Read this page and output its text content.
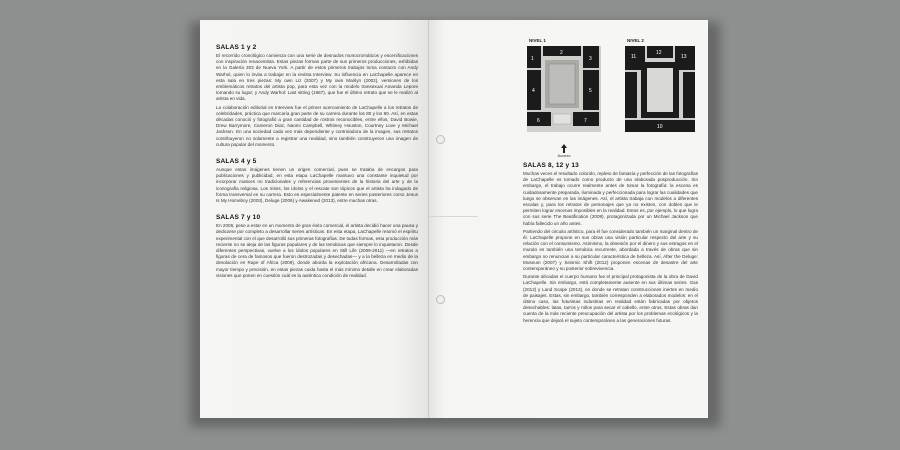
SALAS 1 y 2

El recorrido cronológico comienza con una serie de desnudos monocromáticos y escenificaciones con inspiración renacentista. Estas piezas forman parte de sus primeros producciones, exhibidas en la Galería 303 de Nueva York. A partir de estos primeros trabajos toma contacto con Andy Warhol, quien lo invita a trabajar en la revista Interview. Su influencia en LaChapelle aparece en esta sala en tres piezas: My own Liz (2007) y My own Marilyn (2002), versiones de los emblemáticos retratos del artista pop, para esta vez con la modelo transexual Amanda Lepore tomando su lugar; y Andy Warhol: Last sitting (1987), que fue el último retrato que se le realizó al artista en vida.

La colaboración editorial en Interview fue el primer acercamiento de LaChapelle a los retratos de celebridades, práctica que marcaría gran parte de su carrera durante los 80 y los 90. Así, en estas décadas conoció y fotografió a gran cantidad de rostros reconocibles, entre ellos, David Bowie, Drew Barrymore, Cameron Diaz, Naomi Campbell, Whitney Houston, Courtney Love y Michael Jackson. En una sociedad cada vez más dependiente y controladora de la imagen, sus retratos contribuyeron no solamente a registrar una realidad, sino también construyeron una imagen de cultura popular del momento.

SALAS 4 y 5

Aunque estas imágenes tienen un origen comercial, pues se trataba de encargos para publicaciones y publicidad, en esta etapa LaChapelle mantuvo una constante inquietud por incorporar matices no tradicionales y referencias provenientes de la historia del arte y de la iconografía religiosa. Los mitos, los ídolos y el rescate son tópicos que el artista ha indagado de forma transversal en su carrera. Esto es especialmente patente en series posteriores como Jesus Is My Homeboy (2003), Deluge (2006) y Awakened (2013), entre muchas otras.

SALAS 7 y 10

En 2006, pese a estar en un momento de gran éxito comercial, el artista decidió hacer una pausa y dedicarse por completo a desarrollar series artísticas. En esta etapa, LaChapelle retomó el espíritu experimental con el que desarrolló sus primeras fotografías. De todas formas, esta producción más reciente no se aleja de las figuras populares y de las temáticas que siempre lo inquietaron. Desde diferentes perspectivas, vuelve a los ídolos populares en Still Life (2009-2011) —en retratos a figuras de cera de famosos que fueron destrozadas y desechadas— y a la belleza en medio de la desolación en Rape of Africa (2009), donde aborda la explotación africana. Desarrolladas con mayor tiempo y precisión, en estas piezas cuida hasta el más mínimo detalle en crear elaboradas visiones que ponen en cuestión cuál es la auténtica condición de realidad.

NIVEL 1	NIVEL 2
11
12
13
10
1
2
3
4	5
6	7
Acceso
SALAS 8, 12 y 13

Muchas veces el resultado colorido, repleto de fantasía y perfección de las fotografías de LaChapelle es tomado como producto de una elaborada posproducción. Sin embargo, el trabajo ocurre realmente antes de tomar la fotografía: la escena es cuidadosamente preparada, iluminada y perfeccionada para lograr las cualidades que luego se observan en las imágenes. Así, el artista trabaja con modelos a diferentes escalas y, para los retratos de personajes que ya no existen, con dobles que le permiten lograr escenas imposibles en la realidad. Estos es, por ejemplo, lo que logra con sus serie The Beatification (2009), protagonizada por un Michael Jackson que había fallecido un año antes.

Partiendo del circuito artístico, para él fue considerado también un marginal dentro de él. LaChapelle propone en sus obras una visión particular respecto del arte y su relación con el consumismo. Asimismo, la obsesión por el dinero y sus estragos en el mundo es también una temática recurrente, abordada a través de obras que sin embargo no renuncian a su particular característica de belleza. Así, After the Deluge: Museum (2007) y Seismic Shift (2012) proponen escenas de desastre del arte contemporáneo y su posterior sobrevivencia.

Durante décadas el cuerpo humano fue el principal protagonista de la obra de David LaChapelle. Sin embargo, está completamente ausente en sus últimas series. Gas (2012) y Land Scape (2013), en donde se retratan construcciones inertes en medio de paisajes. Estas, sin embargo, también corresponden a elaborados modelos: en el último caso, las futuristas industrias en realidad están fabricadas por objetos desechables: latas, tarros y rollos para secar el cabello, entre otros. Estas obras dan cuenta de la más reciente preocupación del artista por los problemas ecológicos y la herencia que dejará el sujeto contemporáneo a las generaciones futuras.
